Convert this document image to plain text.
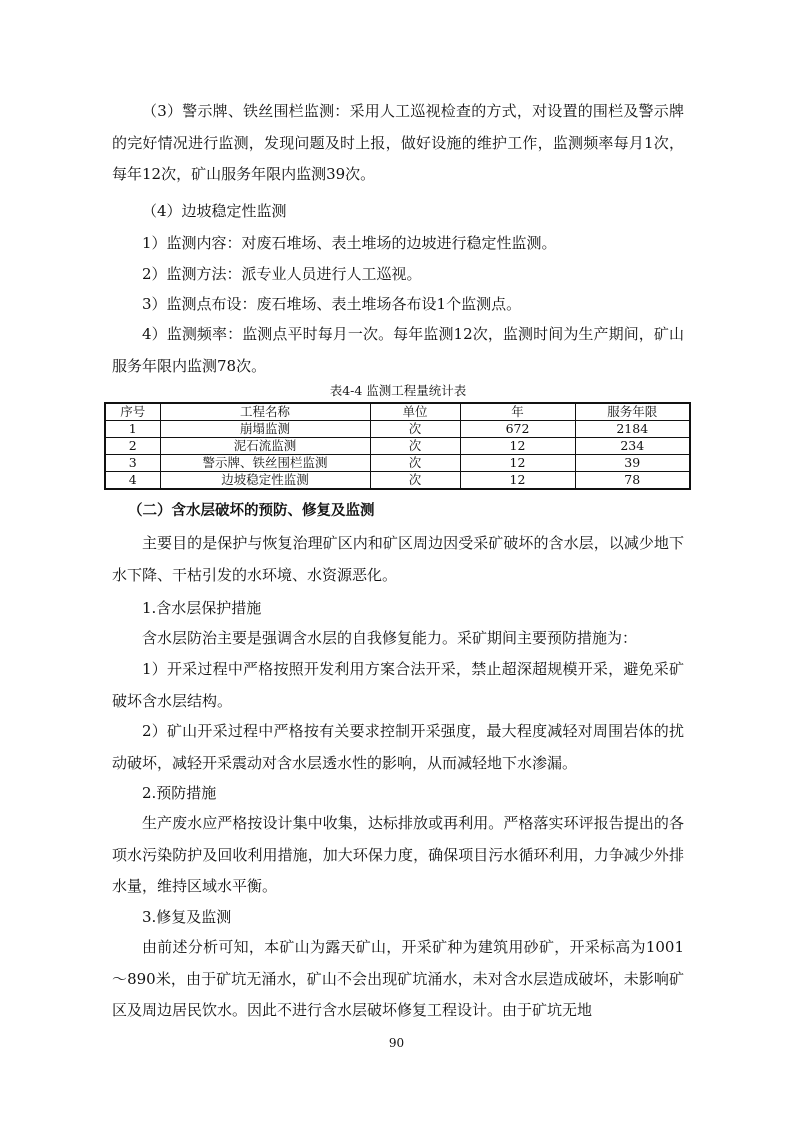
（3）警示牌、铁丝围栏监测：采用人工巡视检查的方式，对设置的围栏及警示牌的完好情况进行监测，发现问题及时上报，做好设施的维护工作，监测频率每月1次，每年12次，矿山服务年限内监测39次。

（4）边坡稳定性监测

1）监测内容：对废石堆场、表土堆场的边坡进行稳定性监测。

2）监测方法：派专业人员进行人工巡视。

3）监测点布设：废石堆场、表土堆场各布设1个监测点。

4）监测频率：监测点平时每月一次。每年监测12次，监测时间为生产期间，矿山服务年限内监测78次。

表4-4 监测工程量统计表

序号	工程名称	单位	年	服务年限
1	崩塌监测	次	672	2184
2	泥石流监测	次	12	234
3	警示牌、铁丝围栏监测	次	12	39
4	边坡稳定性监测	次	12	78

（二）含水层破坏的预防、修复及监测

主要目的是保护与恢复治理矿区内和矿区周边因受采矿破坏的含水层，以减少地下水下降、干枯引发的水环境、水资源恶化。

1.含水层保护措施

含水层防治主要是强调含水层的自我修复能力。采矿期间主要预防措施为：

1）开采过程中严格按照开发利用方案合法开采，禁止超深超规模开采，避免采矿破坏含水层结构。

2）矿山开采过程中严格按有关要求控制开采强度，最大程度减轻对周围岩体的扰动破坏，减轻开采震动对含水层透水性的影响，从而减轻地下水渗漏。

2.预防措施

生产废水应严格按设计集中收集，达标排放或再利用。严格落实环评报告提出的各项水污染防护及回收利用措施，加大环保力度，确保项目污水循环利用，力争减少外排水量，维持区域水平衡。

3.修复及监测

由前述分析可知，本矿山为露天矿山，开采矿种为建筑用砂矿，开采标高为1001～890米，由于矿坑无涌水，矿山不会出现矿坑涌水，未对含水层造成破坏，未影响矿区及周边居民饮水。因此不进行含水层破坏修复工程设计。由于矿坑无地

90
